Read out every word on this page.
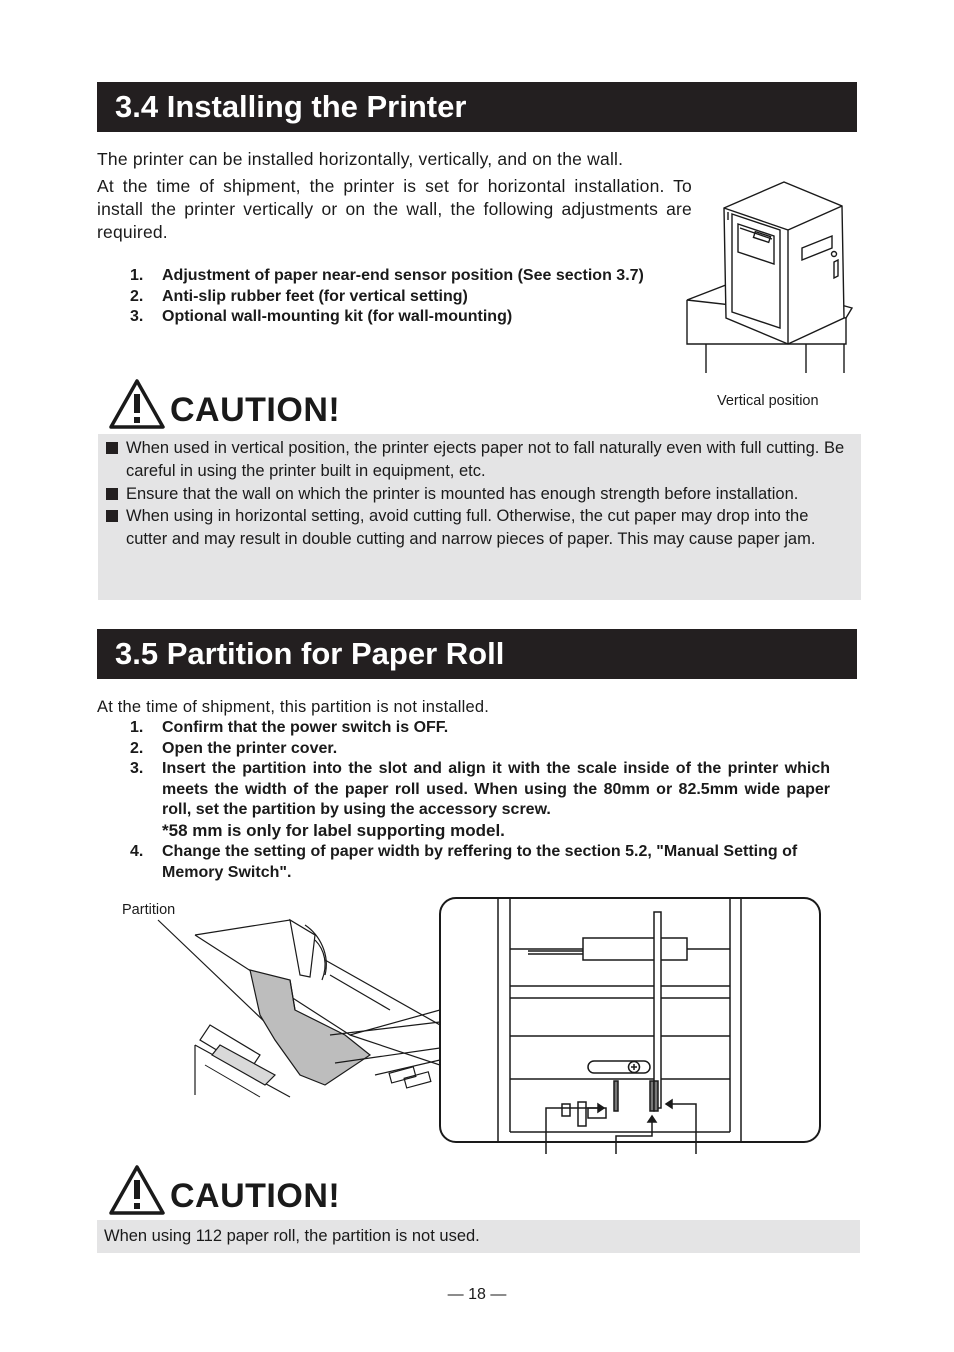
3.4 Installing the Printer
The printer can be installed horizontally, vertically, and on the wall.
At the time of shipment, the printer is set for horizontal installation. To install the printer vertically or on the wall, the following adjustments are required.
1. Adjustment of paper near-end sensor position (See section 3.7)
2. Anti-slip rubber feet (for vertical setting)
3. Optional wall-mounting kit (for wall-mounting)
Vertical position
CAUTION!
When used in vertical position, the printer ejects paper not to fall naturally even with full cutting. Be careful in using the printer built in equipment, etc.
Ensure that the wall on which the printer is mounted has enough strength before installation.
When using in horizontal setting, avoid cutting full. Otherwise, the cut paper may drop into the cutter and may result in double cutting and narrow pieces of paper. This may cause paper jam.
3.5 Partition for Paper Roll
At the time of shipment, this partition is not installed.
1. Confirm that the power switch is OFF.
2. Open the printer cover.
3. Insert the partition into the slot and align it with the scale inside of the printer which meets the width of the paper roll used. When using the 80mm or 82.5mm wide paper roll, set the partition by using the accessory screw.
*58 mm is only for label supporting model.
4. Change the setting of paper width by reffering to the section 5.2, "Manual Setting of Memory Switch".
Partition
CAUTION!
When using 112 paper roll, the partition is not used.
— 18 —
